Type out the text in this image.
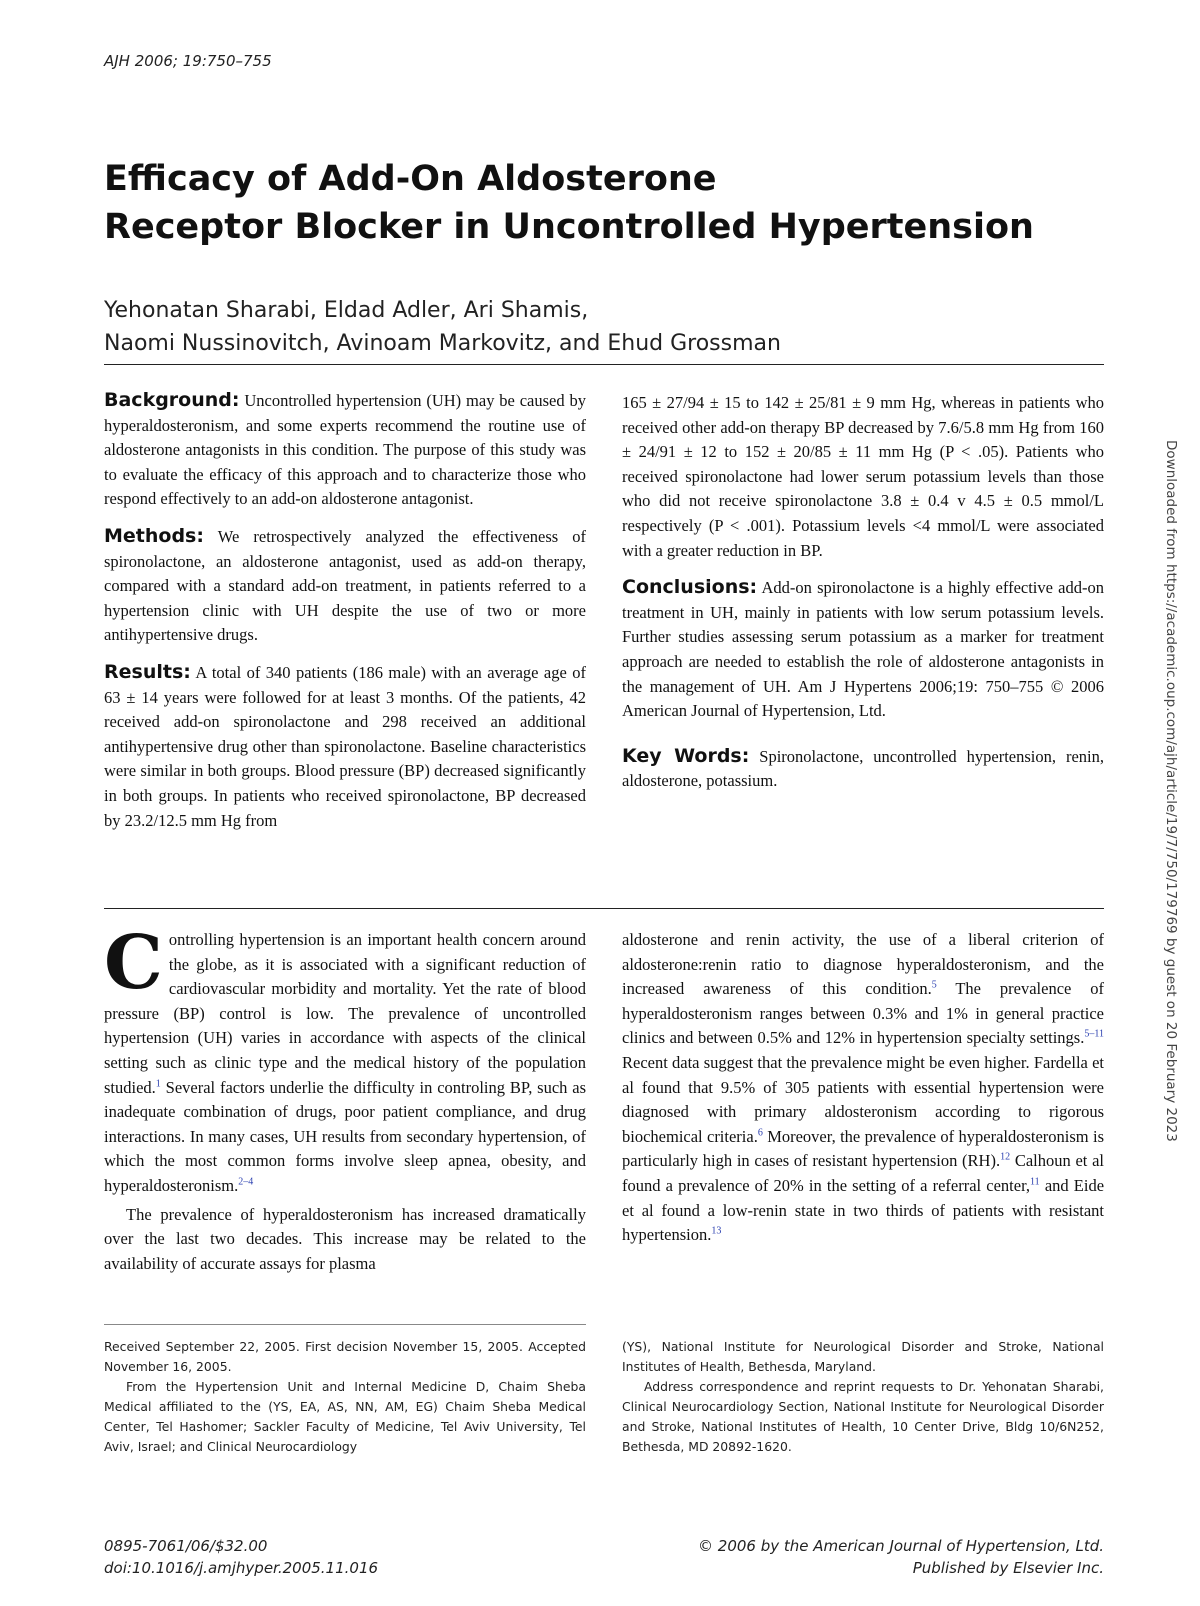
AJH 2006; 19:750–755
Efficacy of Add-On Aldosterone
Receptor Blocker in Uncontrolled Hypertension
Yehonatan Sharabi, Eldad Adler, Ari Shamis,
Naomi Nussinovitch, Avinoam Markovitz, and Ehud Grossman

Background: Uncontrolled hypertension (UH) may be caused by hyperaldosteronism, and some experts recommend the routine use of aldosterone antagonists in this condition. The purpose of this study was to evaluate the efficacy of this approach and to characterize those who respond effectively to an add-on aldosterone antagonist.

Methods: We retrospectively analyzed the effectiveness of spironolactone, an aldosterone antagonist, used as add-on therapy, compared with a standard add-on treatment, in patients referred to a hypertension clinic with UH despite the use of two or more antihypertensive drugs.

Results: A total of 340 patients (186 male) with an average age of 63 ± 14 years were followed for at least 3 months. Of the patients, 42 received add-on spironolactone and 298 received an additional antihypertensive drug other than spironolactone. Baseline characteristics were similar in both groups. Blood pressure (BP) decreased significantly in both groups. In patients who received spironolactone, BP decreased by 23.2/12.5 mm Hg from

165 ± 27/94 ± 15 to 142 ± 25/81 ± 9 mm Hg, whereas in patients who received other add-on therapy BP decreased by 7.6/5.8 mm Hg from 160 ± 24/91 ± 12 to 152 ± 20/85 ± 11 mm Hg (P < .05). Patients who received spironolactone had lower serum potassium levels than those who did not receive spironolactone 3.8 ± 0.4 v 4.5 ± 0.5 mmol/L respectively (P < .001). Potassium levels <4 mmol/L were associated with a greater reduction in BP.

Conclusions: Add-on spironolactone is a highly effective add-on treatment in UH, mainly in patients with low serum potassium levels. Further studies assessing serum potassium as a marker for treatment approach are needed to establish the role of aldosterone antagonists in the management of UH. Am J Hypertens 2006;19: 750–755 © 2006 American Journal of Hypertension, Ltd.

Key Words: Spironolactone, uncontrolled hypertension, renin, aldosterone, potassium.

Controlling hypertension is an important health concern around the globe, as it is associated with a significant reduction of cardiovascular morbidity and mortality. Yet the rate of blood pressure (BP) control is low. The prevalence of uncontrolled hypertension (UH) varies in accordance with aspects of the clinical setting such as clinic type and the medical history of the population studied.$^1$ Several factors underlie the difficulty in controling BP, such as inadequate combination of drugs, poor patient compliance, and drug interactions. In many cases, UH results from secondary hypertension, of which the most common forms involve sleep apnea, obesity, and hyperaldosteronism.$^{2-4}$

The prevalence of hyperaldosteronism has increased dramatically over the last two decades. This increase may be related to the availability of accurate assays for plasma

aldosterone and renin activity, the use of a liberal criterion of aldosterone:renin ratio to diagnose hyperaldosteronism, and the increased awareness of this condition.$^5$ The prevalence of hyperaldosteronism ranges between 0.3% and 1% in general practice clinics and between 0.5% and 12% in hypertension specialty settings.$^{5-11}$ Recent data suggest that the prevalence might be even higher. Fardella et al found that 9.5% of 305 patients with essential hypertension were diagnosed with primary aldosteronism according to rigorous biochemical criteria.$^6$ Moreover, the prevalence of hyperaldosteronism is particularly high in cases of resistant hypertension (RH).$^{12}$ Calhoun et al found a prevalence of 20% in the setting of a referral center,$^{11}$ and Eide et al found a low-renin state in two thirds of patients with resistant hypertension.$^{13}$

Received September 22, 2005. First decision November 15, 2005. Accepted November 16, 2005.

From the Hypertension Unit and Internal Medicine D, Chaim Sheba Medical affiliated to the (YS, EA, AS, NN, AM, EG) Chaim Sheba Medical Center, Tel Hashomer; Sackler Faculty of Medicine, Tel Aviv University, Tel Aviv, Israel; and Clinical Neurocardiology

(YS), National Institute for Neurological Disorder and Stroke, National Institutes of Health, Bethesda, Maryland.

Address correspondence and reprint requests to Dr. Yehonatan Sharabi, Clinical Neurocardiology Section, National Institute for Neurological Disorder and Stroke, National Institutes of Health, 10 Center Drive, Bldg 10/6N252, Bethesda, MD 20892-1620.

0895-7061/06/$32.00
doi:10.1016/j.amjhyper.2005.11.016
© 2006 by the American Journal of Hypertension, Ltd.
Published by Elsevier Inc.
Downloaded from https://academic.oup.com/ajh/article/19/7/750/179769 by guest on 20 February 2023
